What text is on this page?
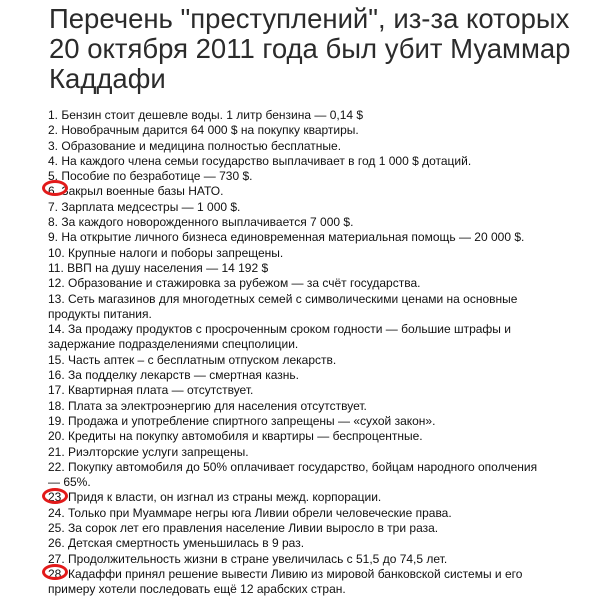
Перечень "преступлений", из-за которых 20 октября 2011 года был убит Муаммар Каддафи
1. Бензин стоит дешевле воды. 1 литр бензина — 0,14 $
2. Новобрачным дарится 64 000 $ на покупку квартиры.
3. Образование и медицина полностью бесплатные.
4. На каждого члена семьи государство выплачивает в год 1 000 $ дотаций.
5. Пособие по безработице — 730 $.
6. Закрыл военные базы НАТО.
7. Зарплата медсестры — 1 000 $.
8. За каждого новорожденного выплачивается 7 000 $.
9. На открытие личного бизнеса единовременная материальная помощь — 20 000 $.
10. Крупные налоги и поборы запрещены.
11. ВВП на душу населения — 14 192 $
12. Образование и стажировка за рубежом — за счёт государства.
13. Сеть магазинов для многодетных семей с символическими ценами на основные продукты питания.
14. За продажу продуктов с просроченным сроком годности — большие штрафы и задержание подразделениями спецполиции.
15. Часть аптек – с бесплатным отпуском лекарств.
16. За подделку лекарств — смертная казнь.
17. Квартирная плата — отсутствует.
18. Плата за электроэнергию для населения отсутствует.
19. Продажа и употребление спиртного запрещены — «сухой закон».
20. Кредиты на покупку автомобиля и квартиры — беспроцентные.
21. Риэлторские услуги запрещены.
22. Покупку автомобиля до 50% оплачивает государство, бойцам народного ополчения — 65%.
23. Придя к власти, он изгнал из страны межд. корпорации.
24. Только при Муаммаре негры юга Ливии обрели человеческие права.
25. За сорок лет его правления население Ливии выросло в три раза.
26. Детская смертность уменьшилась в 9 раз.
27. Продолжительность жизни в стране увеличилась с 51,5 до 74,5 лет.
28. Кадаффи принял решение вывести Ливию из мировой банковской системы и его примеру хотели последовать ещё 12 арабских стран.
